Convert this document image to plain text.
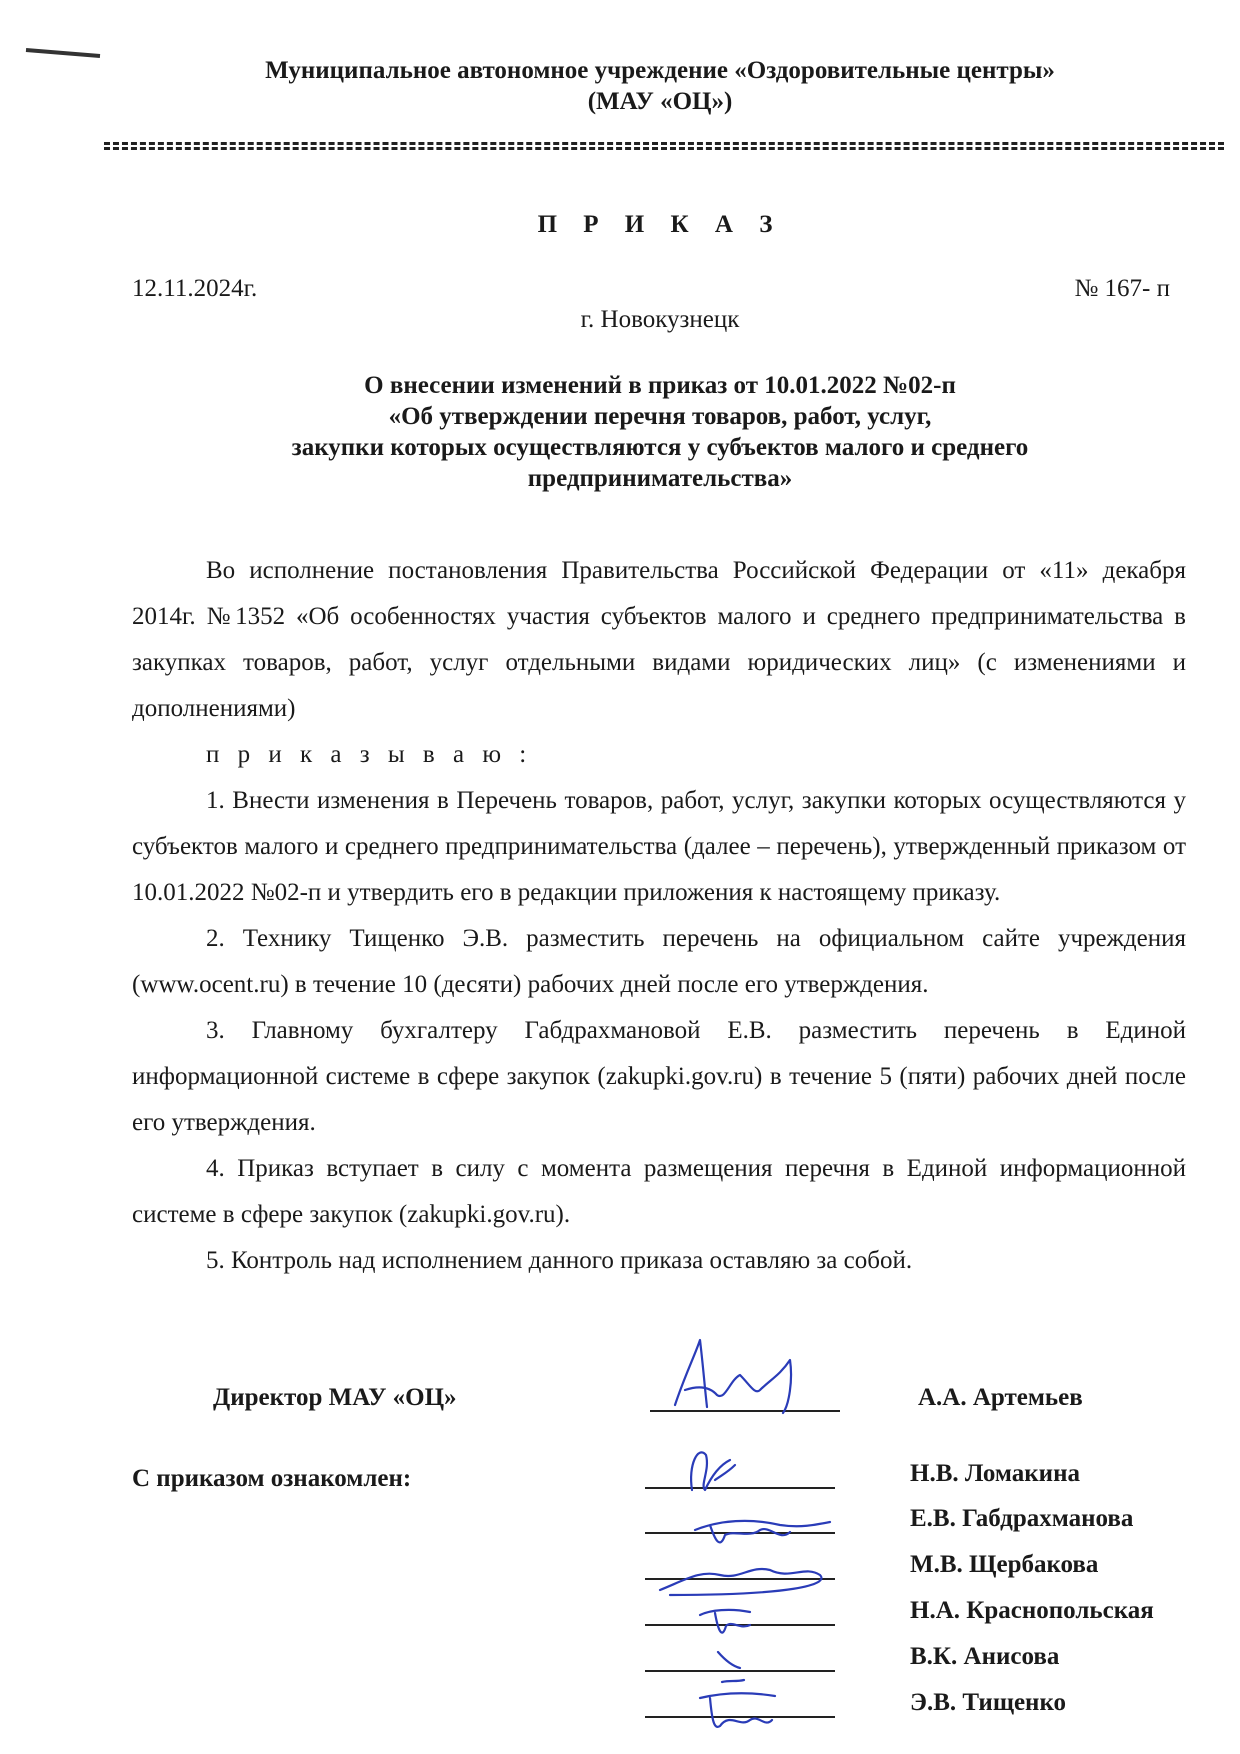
Муниципальное автономное учреждение «Оздоровительные центры»
(МАУ «ОЦ»)
П Р И К А З
12.11.2024г.	№ 167- п
г. Новокузнецк
О внесении изменений в приказ от 10.01.2022 №02-п
«Об утверждении перечня товаров, работ, услуг,
закупки которых осуществляются у субъектов малого и среднего
предпринимательства»

Во исполнение постановления Правительства Российской Федерации от «11» декабря 2014г. №1352 «Об особенностях участия субъектов малого и среднего предпринимательства в закупках товаров, работ, услуг отдельными видами юридических лиц» (с изменениями и дополнениями)

п р и к а з ы в а ю :

1. Внести изменения в Перечень товаров, работ, услуг, закупки которых осуществляются у субъектов малого и среднего предпринимательства (далее – перечень), утвержденный приказом от 10.01.2022 №02-п и утвердить его в редакции приложения к настоящему приказу.

2. Технику Тищенко Э.В. разместить перечень на официальном сайте учреждения (www.ocent.ru) в течение 10 (десяти) рабочих дней после его утверждения.

3. Главному бухгалтеру Габдрахмановой Е.В. разместить перечень в Единой информационной системе в сфере закупок (zakupki.gov.ru) в течение 5 (пяти) рабочих дней после его утверждения.

4. Приказ вступает в силу с момента размещения перечня в Единой информационной системе в сфере закупок (zakupki.gov.ru).

5. Контроль над исполнением данного приказа оставляю за собой.

Директор МАУ «ОЦ»	А.А. Артемьев
С приказом ознакомлен:	Н.В. Ломакина
Е.В. Габдрахманова
М.В. Щербакова
Н.А. Краснопольская
В.К. Анисова
Э.В. Тищенко
